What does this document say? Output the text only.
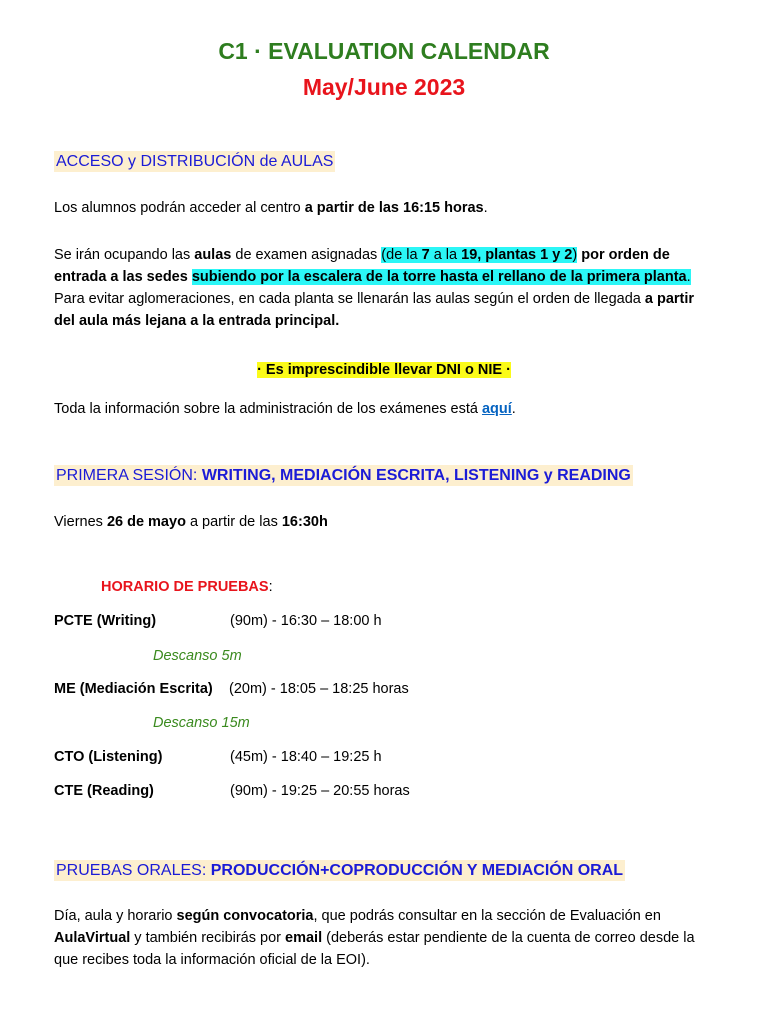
C1 · EVALUATION CALENDAR
May/June 2023
ACCESO y DISTRIBUCIÓN de AULAS
Los alumnos podrán acceder al centro a partir de las 16:15 horas.
Se irán ocupando las aulas de examen asignadas (de la 7 a la 19, plantas 1 y 2) por orden de entrada a las sedes subiendo por la escalera de la torre hasta el rellano de la primera planta. Para evitar aglomeraciones, en cada planta se llenarán las aulas según el orden de llegada a partir del aula más lejana a la entrada principal.
· Es imprescindible llevar DNI o NIE ·
Toda la información sobre la administración de los exámenes está aquí.
PRIMERA SESIÓN: WRITING, MEDIACIÓN ESCRITA, LISTENING y READING
Viernes 26 de mayo a partir de las 16:30h
HORARIO DE PRUEBAS:
PCTE (Writing)	(90m) - 16:30 – 18:00 h
Descanso 5m
ME (Mediación Escrita) (20m) - 18:05 – 18:25 horas
Descanso 15m
CTO (Listening)	(45m) - 18:40 – 19:25 h
CTE (Reading)	(90m) - 19:25 – 20:55 horas
PRUEBAS ORALES: PRODUCCIÓN+COPRODUCCIÓN Y MEDIACIÓN ORAL
Día, aula y horario según convocatoria, que podrás consultar en la sección de Evaluación en AulaVirtual y también recibirás por email (deberás estar pendiente de la cuenta de correo desde la que recibes toda la información oficial de la EOI).
